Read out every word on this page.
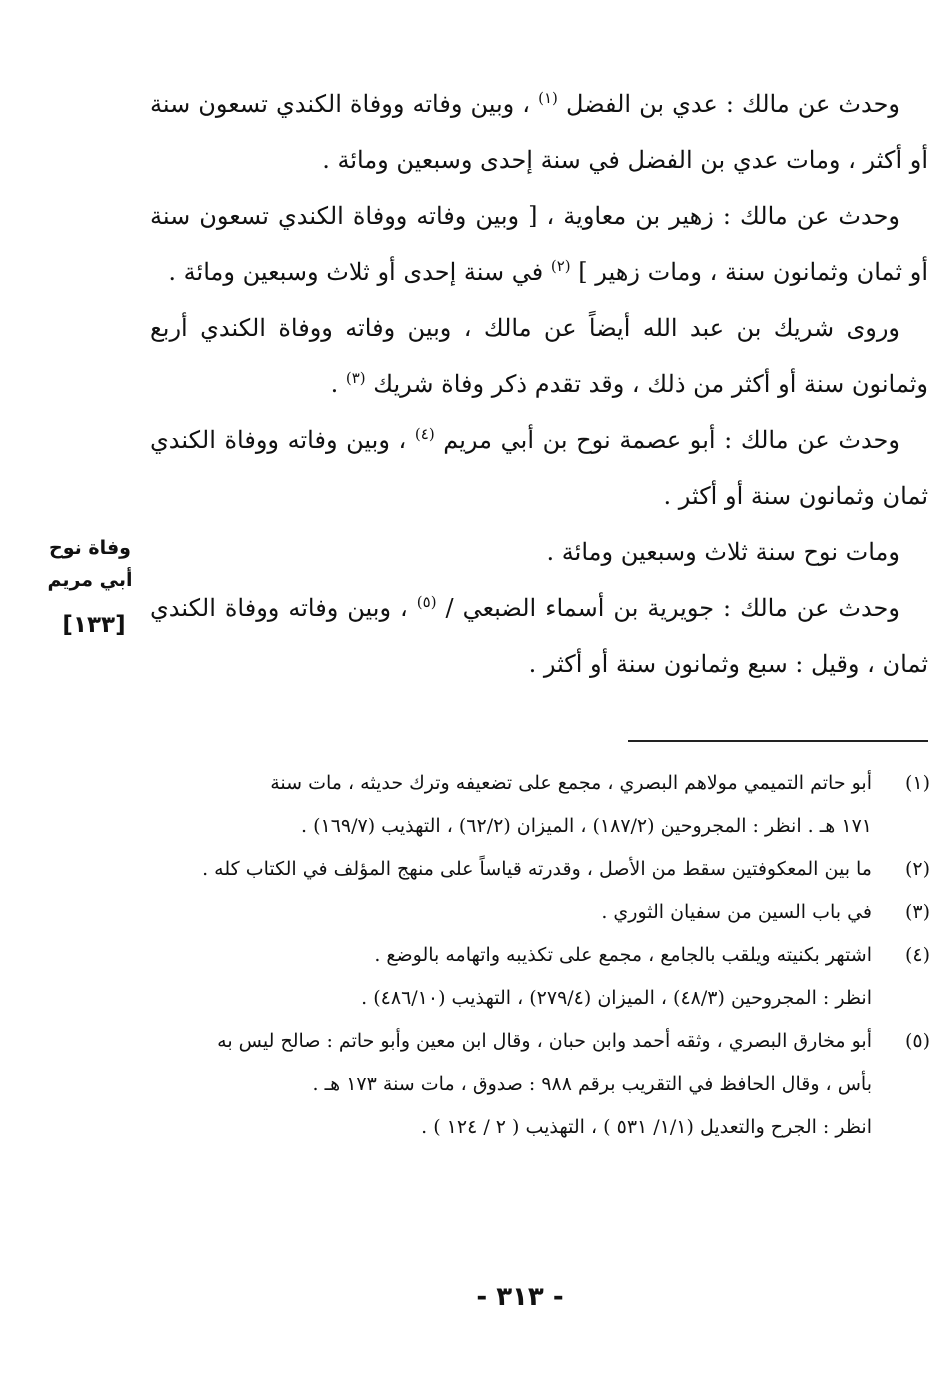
وحدث عن مالك : عدي بن الفضل $^{(١)}$ ، وبين وفاته ووفاة الكندي تسعون سنة أو أكثر ، ومات عدي بن الفضل في سنة إحدى وسبعين ومائة .

وحدث عن مالك : زهير بن معاوية ، [ وبين وفاته ووفاة الكندي تسعون سنة أو ثمان وثمانون سنة ، ومات زهير ] $^{(٢)}$ في سنة إحدى أو ثلاث وسبعين ومائة .

وروى شريك بن عبد الله أيضاً عن مالك ، وبين وفاته ووفاة الكندي أربع وثمانون سنة أو أكثر من ذلك ، وقد تقدم ذكر وفاة شريك $^{(٣)}$ .

وحدث عن مالك : أبو عصمة نوح بن أبي مريم $^{(٤)}$ ، وبين وفاته ووفاة الكندي ثمان وثمانون سنة أو أكثر .

ومات نوح سنة ثلاث وسبعين ومائة .

وحدث عن مالك : جويرية بن أسماء الضبعي / $^{(٥)}$ ، وبين وفاته ووفاة الكندي ثمان ، وقيل : سبع وثمانون سنة أو أكثر .

وفاة نوح
أبي مريم
[١٣٣]
(١)
أبو حاتم التميمي مولاهم البصري ، مجمع على تضعيفه وترك حديثه ، مات سنة
١٧١ هـ . انظر : المجروحين (١٨٧/٢) ، الميزان (٦٢/٢) ، التهذيب (١٦٩/٧) .
(٢)
ما بين المعكوفتين سقط من الأصل ، وقدرته قياساً على منهج المؤلف في الكتاب كله .
(٣)
في باب السين من سفيان الثوري .
(٤)
اشتهر بكنيته ويلقب بالجامع ، مجمع على تكذيبه واتهامه بالوضع .
انظر : المجروحين (٤٨/٣) ، الميزان (٢٧٩/٤) ، التهذيب (٤٨٦/١٠) .
(٥)
أبو مخارق البصري ، وثقه أحمد وابن حبان ، وقال ابن معين وأبو حاتم : صالح ليس به
بأس ، وقال الحافظ في التقريب برقم ٩٨٨ : صدوق ، مات سنة ١٧٣ هـ .
انظر : الجرح والتعديل (١/١/ ٥٣١ ) ، التهذيب ( ٢ / ١٢٤ ) .
- ٣١٣ -
